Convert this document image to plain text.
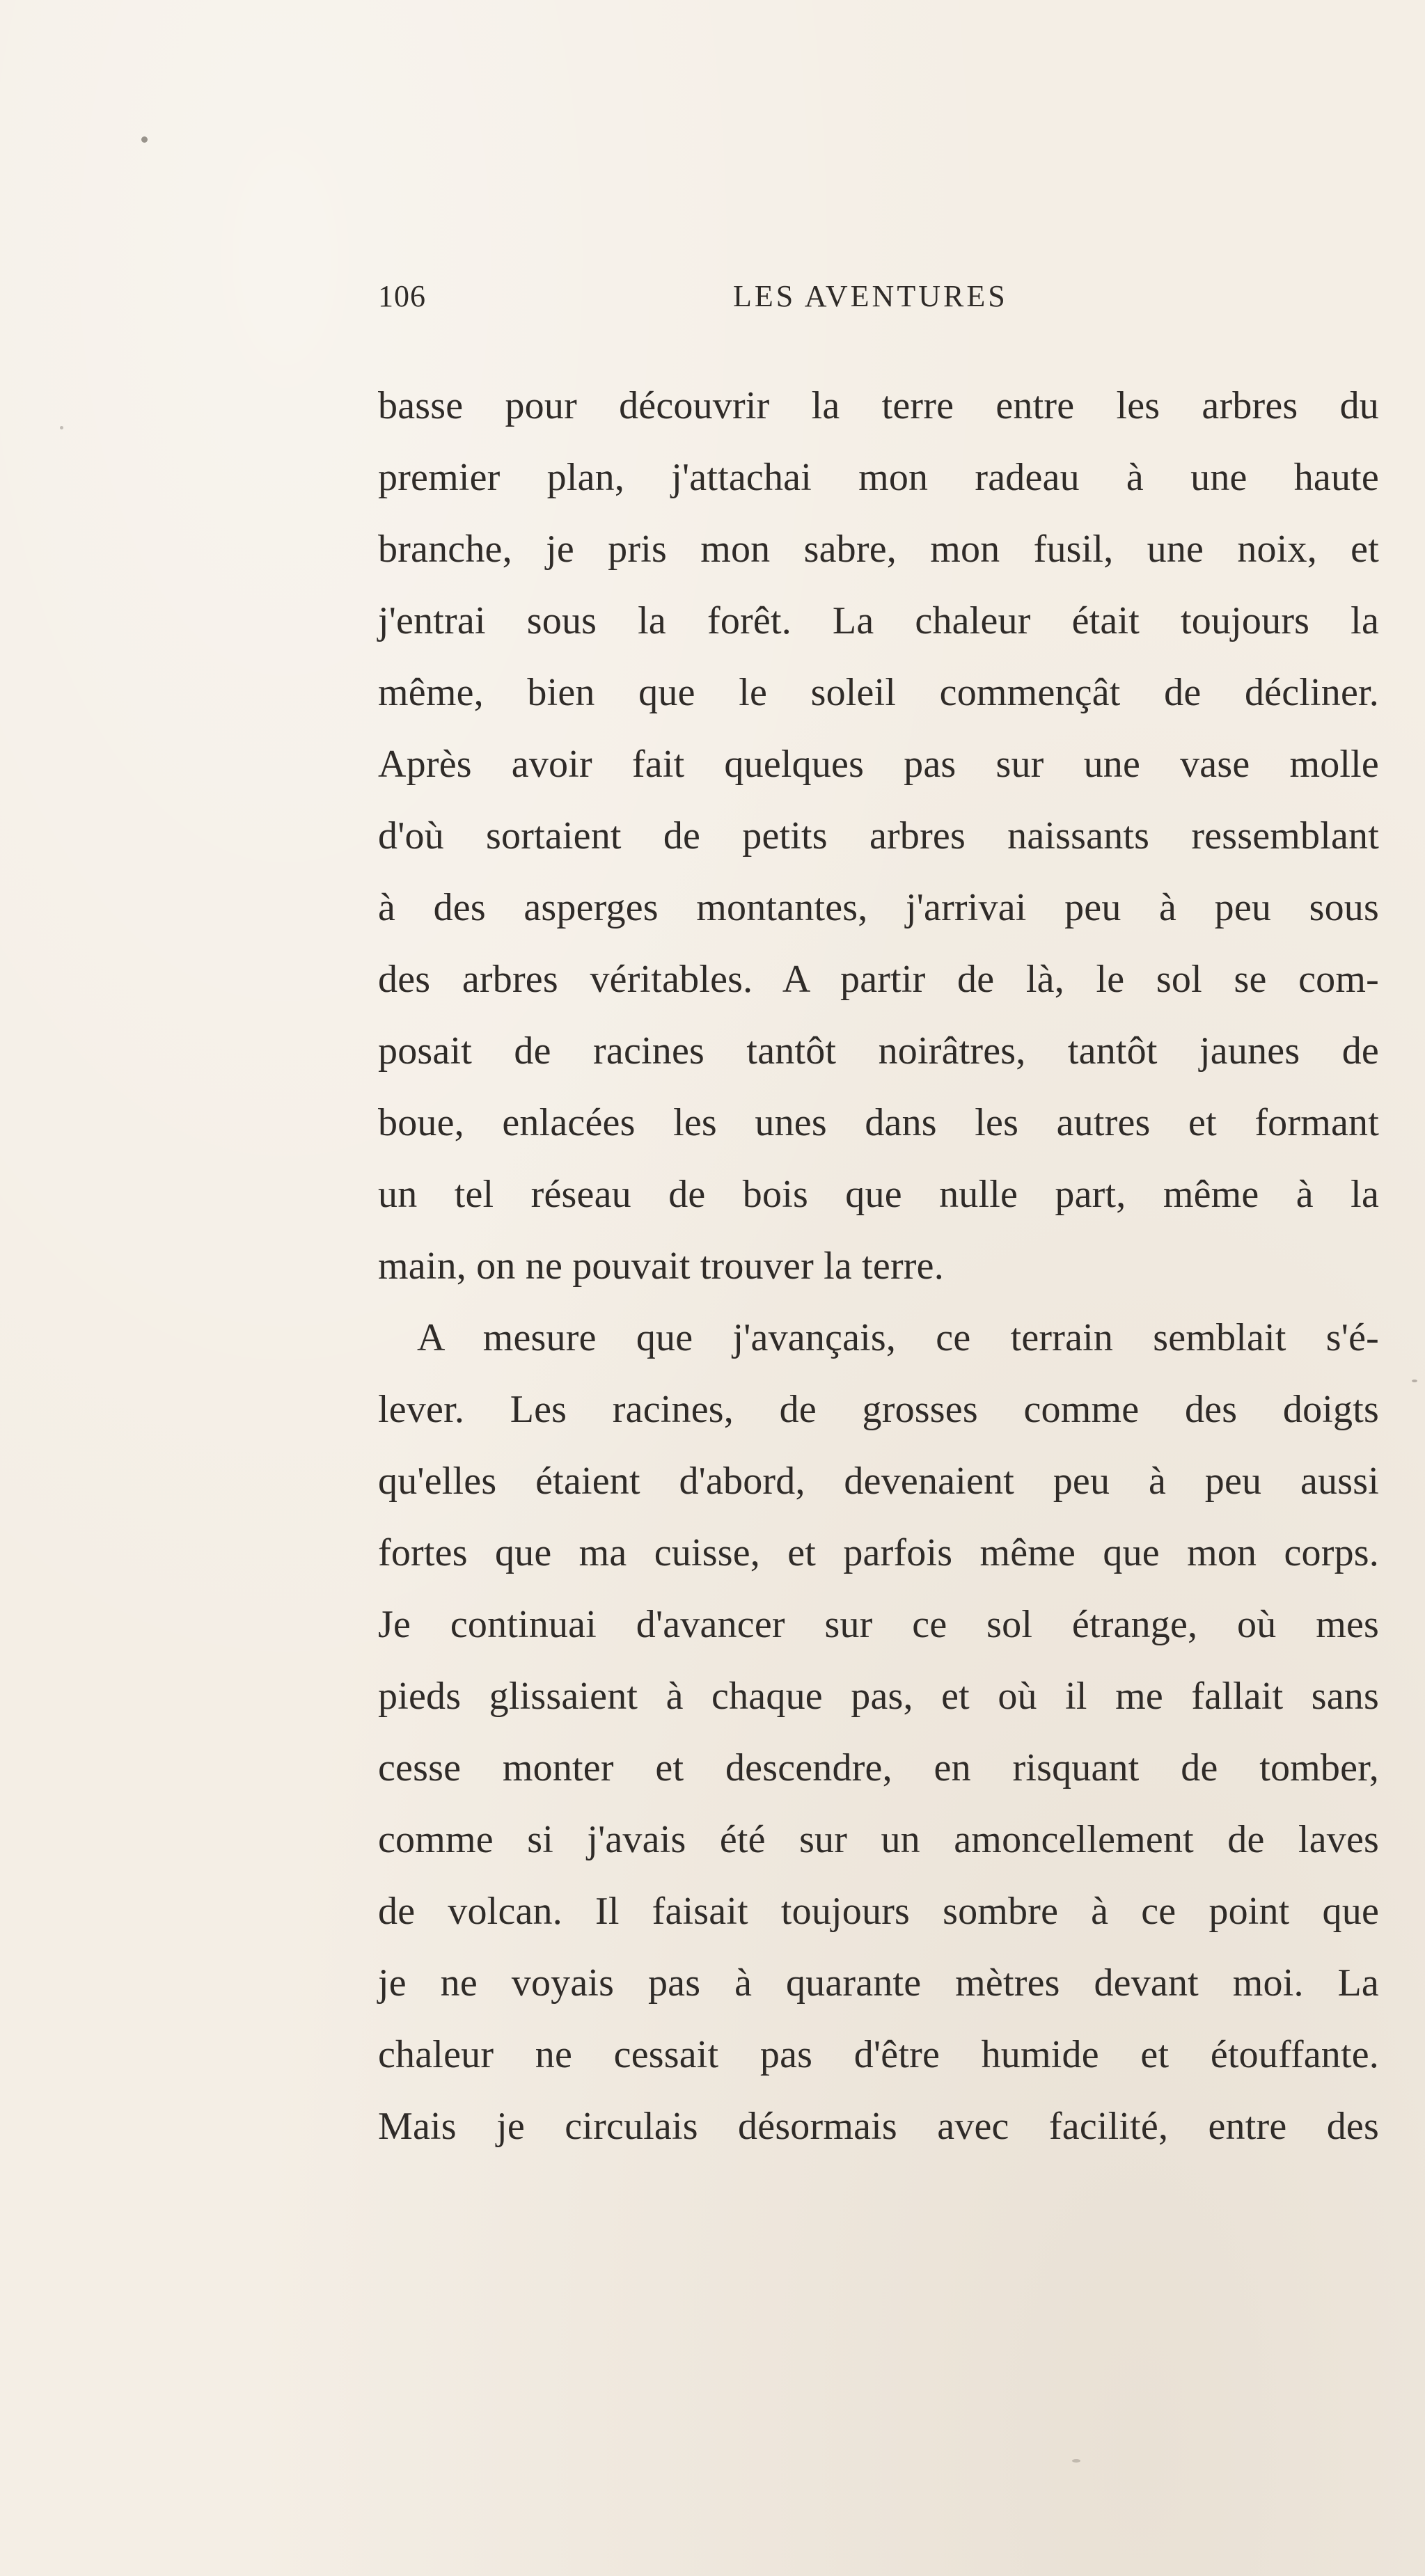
106	LES AVENTURES
basse pour découvrir la terre entre les arbres du
premier plan, j'attachai mon radeau à une haute
branche, je pris mon sabre, mon fusil, une noix, et
j'entrai sous la forêt. La chaleur était toujours la
même, bien que le soleil commençât de décliner.
Après avoir fait quelques pas sur une vase molle
d'où sortaient de petits arbres naissants ressemblant
à des asperges montantes, j'arrivai peu à peu sous
des arbres véritables. A partir de là, le sol se com-
posait de racines tantôt noirâtres, tantôt jaunes de
boue, enlacées les unes dans les autres et formant
un tel réseau de bois que nulle part, même à la
main, on ne pouvait trouver la terre.
A mesure que j'avançais, ce terrain semblait s'é-
lever. Les racines, de grosses comme des doigts
qu'elles étaient d'abord, devenaient peu à peu aussi
fortes que ma cuisse, et parfois même que mon corps.
Je continuai d'avancer sur ce sol étrange, où mes
pieds glissaient à chaque pas, et où il me fallait sans
cesse monter et descendre, en risquant de tomber,
comme si j'avais été sur un amoncellement de laves
de volcan. Il faisait toujours sombre à ce point que
je ne voyais pas à quarante mètres devant moi. La
chaleur ne cessait pas d'être humide et étouffante.
Mais je circulais désormais avec facilité, entre des
